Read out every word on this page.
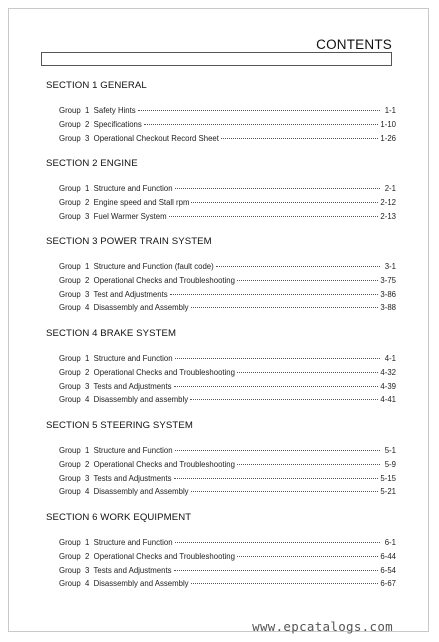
CONTENTS
SECTION 1 GENERAL
Group  1  Safety Hints	1-1
Group  2  Specifications	1-10
Group  3  Operational Checkout Record Sheet	1-26
SECTION 2 ENGINE
Group  1  Structure and Function	2-1
Group  2  Engine speed and Stall rpm	2-12
Group  3  Fuel Warmer System	2-13
SECTION 3 POWER TRAIN SYSTEM
Group  1  Structure and Function (fault code)	3-1
Group  2  Operational Checks and Troubleshooting	3-75
Group  3  Test and Adjustments	3-86
Group  4  Disassembly and Assembly	3-88
SECTION 4 BRAKE SYSTEM
Group  1  Structure and Function	4-1
Group  2  Operational Checks and Troubleshooting	4-32
Group  3  Tests and Adjustments	4-39
Group  4  Disassembly and assembly	4-41
SECTION 5 STEERING SYSTEM
Group  1  Structure and Function	5-1
Group  2  Operational Checks and Troubleshooting	5-9
Group  3  Tests and Adjustments	5-15
Group  4  Disassembly and Assembly	5-21
SECTION 6 WORK EQUIPMENT
Group  1  Structure and Function	6-1
Group  2  Operational Checks and Troubleshooting	6-44
Group  3  Tests and Adjustments	6-54
Group  4  Disassembly and Assembly	6-67
www.epcatalogs.com
